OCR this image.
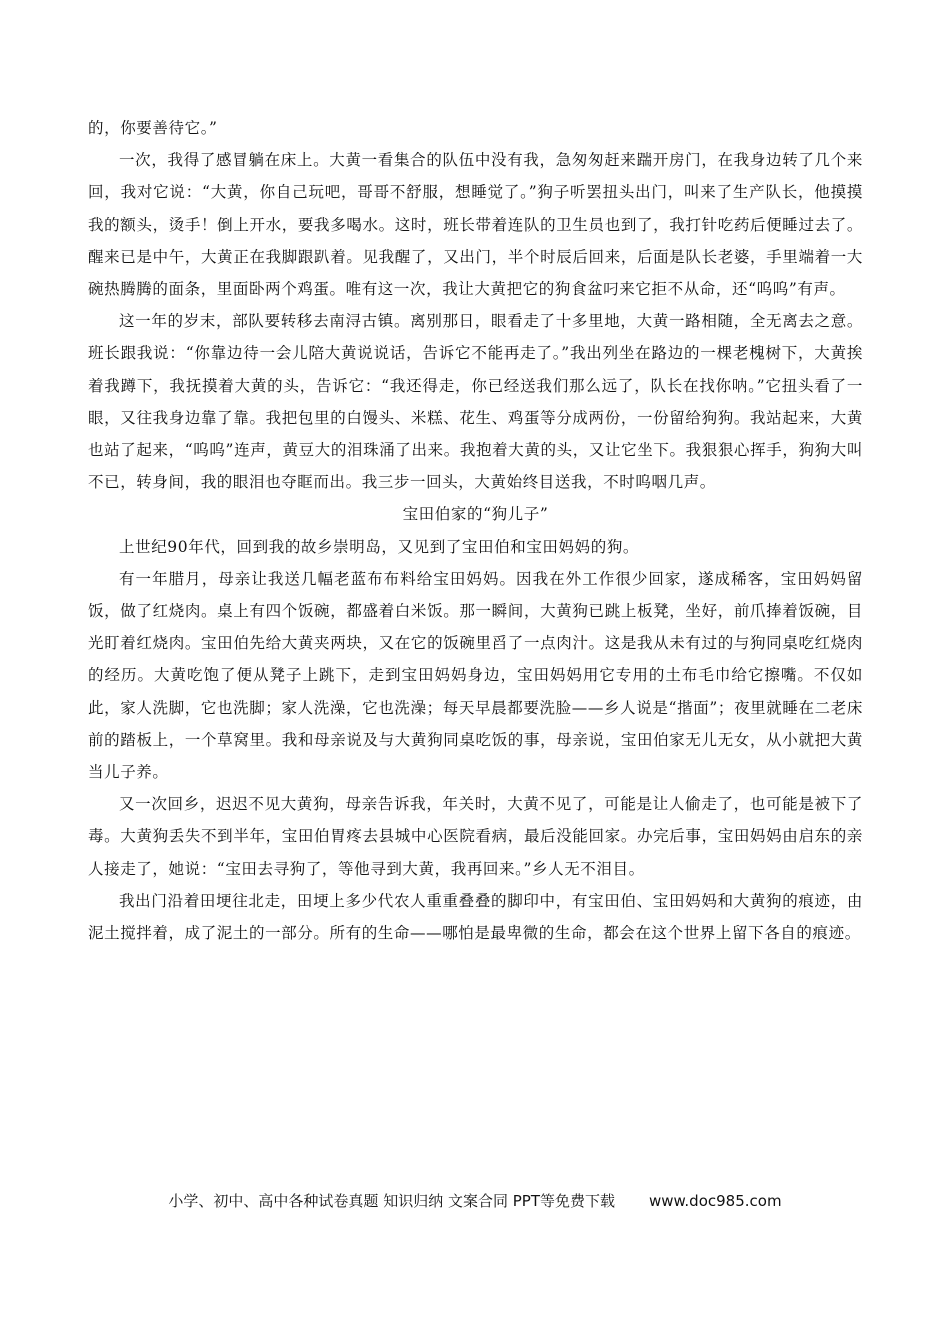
的，你要善待它。”

一次，我得了感冒躺在床上。大黄一看集合的队伍中没有我，急匆匆赶来踹开房门，在我身边转了几个来回，我对它说：“大黄，你自己玩吧，哥哥不舒服，想睡觉了。”狗子听罢扭头出门，叫来了生产队长，他摸摸我的额头，烫手！倒上开水，要我多喝水。这时，班长带着连队的卫生员也到了，我打针吃药后便睡过去了。醒来已是中午，大黄正在我脚跟趴着。见我醒了，又出门，半个时辰后回来，后面是队长老婆，手里端着一大碗热腾腾的面条，里面卧两个鸡蛋。唯有这一次，我让大黄把它的狗食盆叼来它拒不从命，还“呜呜”有声。

这一年的岁末，部队要转移去南浔古镇。离别那日，眼看走了十多里地，大黄一路相随，全无离去之意。班长跟我说：“你靠边待一会儿陪大黄说说话，告诉它不能再走了。”我出列坐在路边的一棵老槐树下，大黄挨着我蹲下，我抚摸着大黄的头，告诉它：“我还得走，你已经送我们那么远了，队长在找你呐。”它扭头看了一眼，又往我身边靠了靠。我把包里的白馒头、米糕、花生、鸡蛋等分成两份，一份留给狗狗。我站起来，大黄也站了起来，“呜呜”连声，黄豆大的泪珠涌了出来。我抱着大黄的头，又让它坐下。我狠狠心挥手，狗狗大叫不已，转身间，我的眼泪也夺眶而出。我三步一回头，大黄始终目送我，不时呜咽几声。

宝田伯家的“狗儿子”

上世纪90年代，回到我的故乡崇明岛，又见到了宝田伯和宝田妈妈的狗。

有一年腊月，母亲让我送几幅老蓝布布料给宝田妈妈。因我在外工作很少回家，遂成稀客，宝田妈妈留饭，做了红烧肉。桌上有四个饭碗，都盛着白米饭。那一瞬间，大黄狗已跳上板凳，坐好，前爪捧着饭碗，目光盯着红烧肉。宝田伯先给大黄夹两块，又在它的饭碗里舀了一点肉汁。这是我从未有过的与狗同桌吃红烧肉的经历。大黄吃饱了便从凳子上跳下，走到宝田妈妈身边，宝田妈妈用它专用的土布毛巾给它擦嘴。不仅如此，家人洗脚，它也洗脚；家人洗澡，它也洗澡；每天早晨都要洗脸——乡人说是“揩面”；夜里就睡在二老床前的踏板上，一个草窝里。我和母亲说及与大黄狗同桌吃饭的事，母亲说，宝田伯家无儿无女，从小就把大黄当儿子养。

又一次回乡，迟迟不见大黄狗，母亲告诉我，年关时，大黄不见了，可能是让人偷走了，也可能是被下了毒。大黄狗丢失不到半年，宝田伯胃疼去县城中心医院看病，最后没能回家。办完后事，宝田妈妈由启东的亲人接走了，她说：“宝田去寻狗了，等他寻到大黄，我再回来。”乡人无不泪目。

我出门沿着田埂往北走，田埂上多少代农人重重叠叠的脚印中，有宝田伯、宝田妈妈和大黄狗的痕迹，由泥土搅拌着，成了泥土的一部分。所有的生命——哪怕是最卑微的生命，都会在这个世界上留下各自的痕迹。

小学、初中、高中各种试卷真题 知识归纳 文案合同 PPT等免费下载 www.doc985.com
